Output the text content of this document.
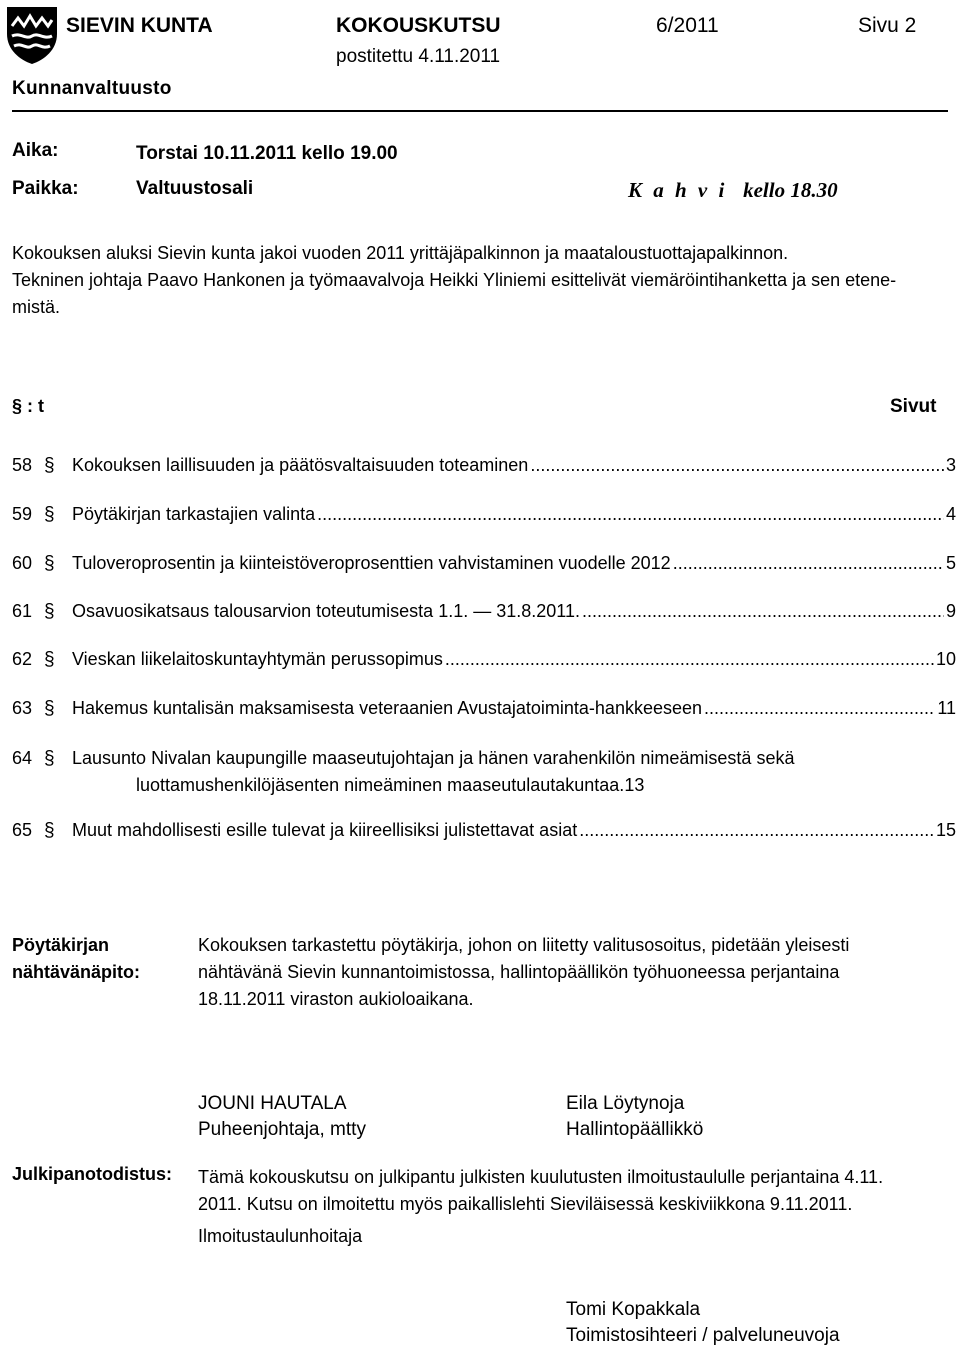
SIEVIN KUNTA	KOKOUSKUTSU	6/2011	Sivu 2
postitettu 4.11.2011
Kunnanvaltuusto
Aika:	Torstai 10.11.2011 kello 19.00
Paikka:	Valtuustosali	K a h v i kello 18.30
Kokouksen aluksi Sievin kunta jakoi vuoden 2011 yrittäjäpalkinnon ja maataloustuottajapalkinnon.
Tekninen johtaja Paavo Hankonen ja työmaavalvoja Heikki Yliniemi esittelivät viemäröintihanketta ja sen etene-
mistä.
§ : t	Sivut
58 § Kokouksen laillisuuden ja päätösvaltaisuuden toteaminen .....	3
59 § Pöytäkirjan tarkastajien valinta .....	4
60 § Tuloveroprosentin ja kiinteistöveroprosenttien vahvistaminen vuodelle 2012 .....	5
61 § Osavuosikatsaus talousarvion toteutumisesta 1.1. — 31.8.2011. .....	9
62 § Vieskan liikelaitoskuntayhtymän perussopimus .....	10
63 § Hakemus kuntalisän maksamisesta veteraanien Avustajatoiminta-hankkeeseen .....	11
64 § Lausunto Nivalan kaupungille maaseutujohtajan ja hänen varahenkilön nimeämisestä sekä
luottamushenkilöjäsenten nimeäminen maaseutulautakuntaa. 13
65 § Muut mahdollisesti esille tulevat ja kiireellisiksi julistettavat asiat .....	15
Pöytäkirjan
nähtävänäpito:
Kokouksen tarkastettu pöytäkirja, johon on liitetty valitusosoitus, pidetään yleisesti
nähtävänä Sievin kunnantoimistossa, hallintopäällikön työhuoneessa perjantaina
18.11.2011 viraston aukioloaikana.
JOUNI HAUTALA
Puheenjohtaja, mtty
Eila Löytynoja
Hallintopäällikkö
Julkipanotodistus: Tämä kokouskutsu on julkipantu julkisten kuulutusten ilmoitustaululle perjantaina 4.11.
2011. Kutsu on ilmoitettu myös paikallislehti Sieviläisessä keskiviikkona 9.11.2011.
Ilmoitustaulunhoitaja
Tomi Kopakkala
Toimistosihteeri / palveluneuvoja
